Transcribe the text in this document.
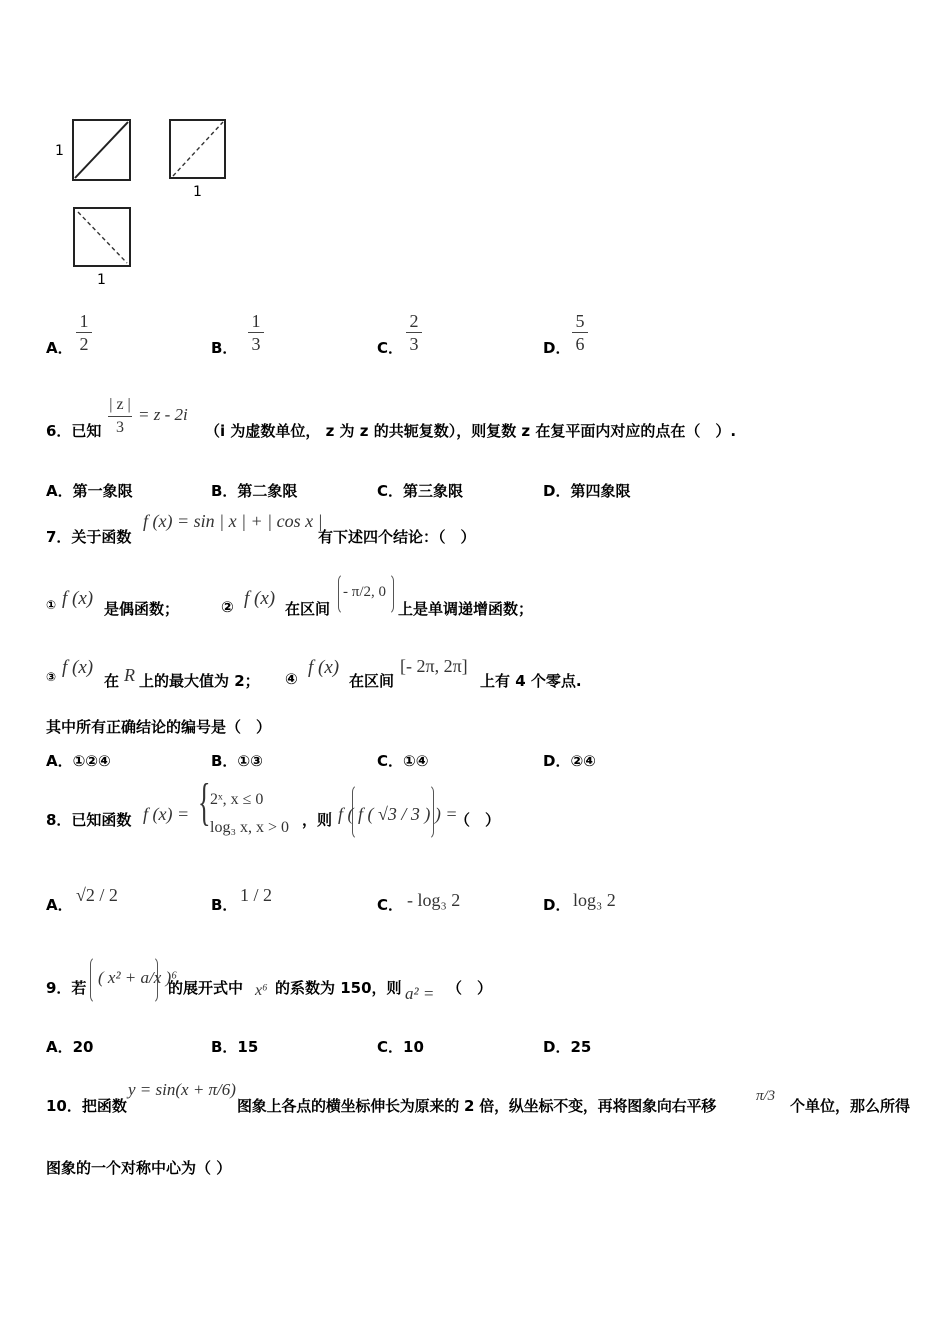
1
1
1
A．
1
2	B．
1
3	C．
2
3	D．
5
6
6．已知
| z |
3
= z - 2i
（i 为虚数单位， z 为 z 的共轭复数），则复数 z 在复平面内对应的点在（　）.
A．第一象限	B．第二象限	C．第三象限	D．第四象限
7．关于函数
f (x) = sin | x | + | cos x |
有下述四个结论：（　）
① f (x) 是偶函数；	② f (x) 在区间
- π/2, 0
上是单调递增函数；
③ f (x)
在 R 上的最大值为 2； ④
f (x)
在区间
[- 2π, 2π]
上有 4 个零点.
其中所有正确结论的编号是（　）
A．①②④	B．①③	C．①④	D．②④
8．已知函数 f (x) = { 2ˣ, x ≤ 0
log₃ x, x > 0 ，则 f ( f ( √3 / 3 ) ) =
（　）
A． √2 / 2	B． 1 / 2	C． - log₃ 2	D． log₃ 2
9．若
( x² + a/x )⁶
的展开式中 x⁶ 的系数为 150，则 a² = （　）
A．20	B．15	C．10	D．25
10．把函数
y = sin(x + π/6)
图象上各点的横坐标伸长为原来的 2 倍，纵坐标不变，再将图象向右平移
π/3
个单位，那么所得
图象的一个对称中心为（ ）
